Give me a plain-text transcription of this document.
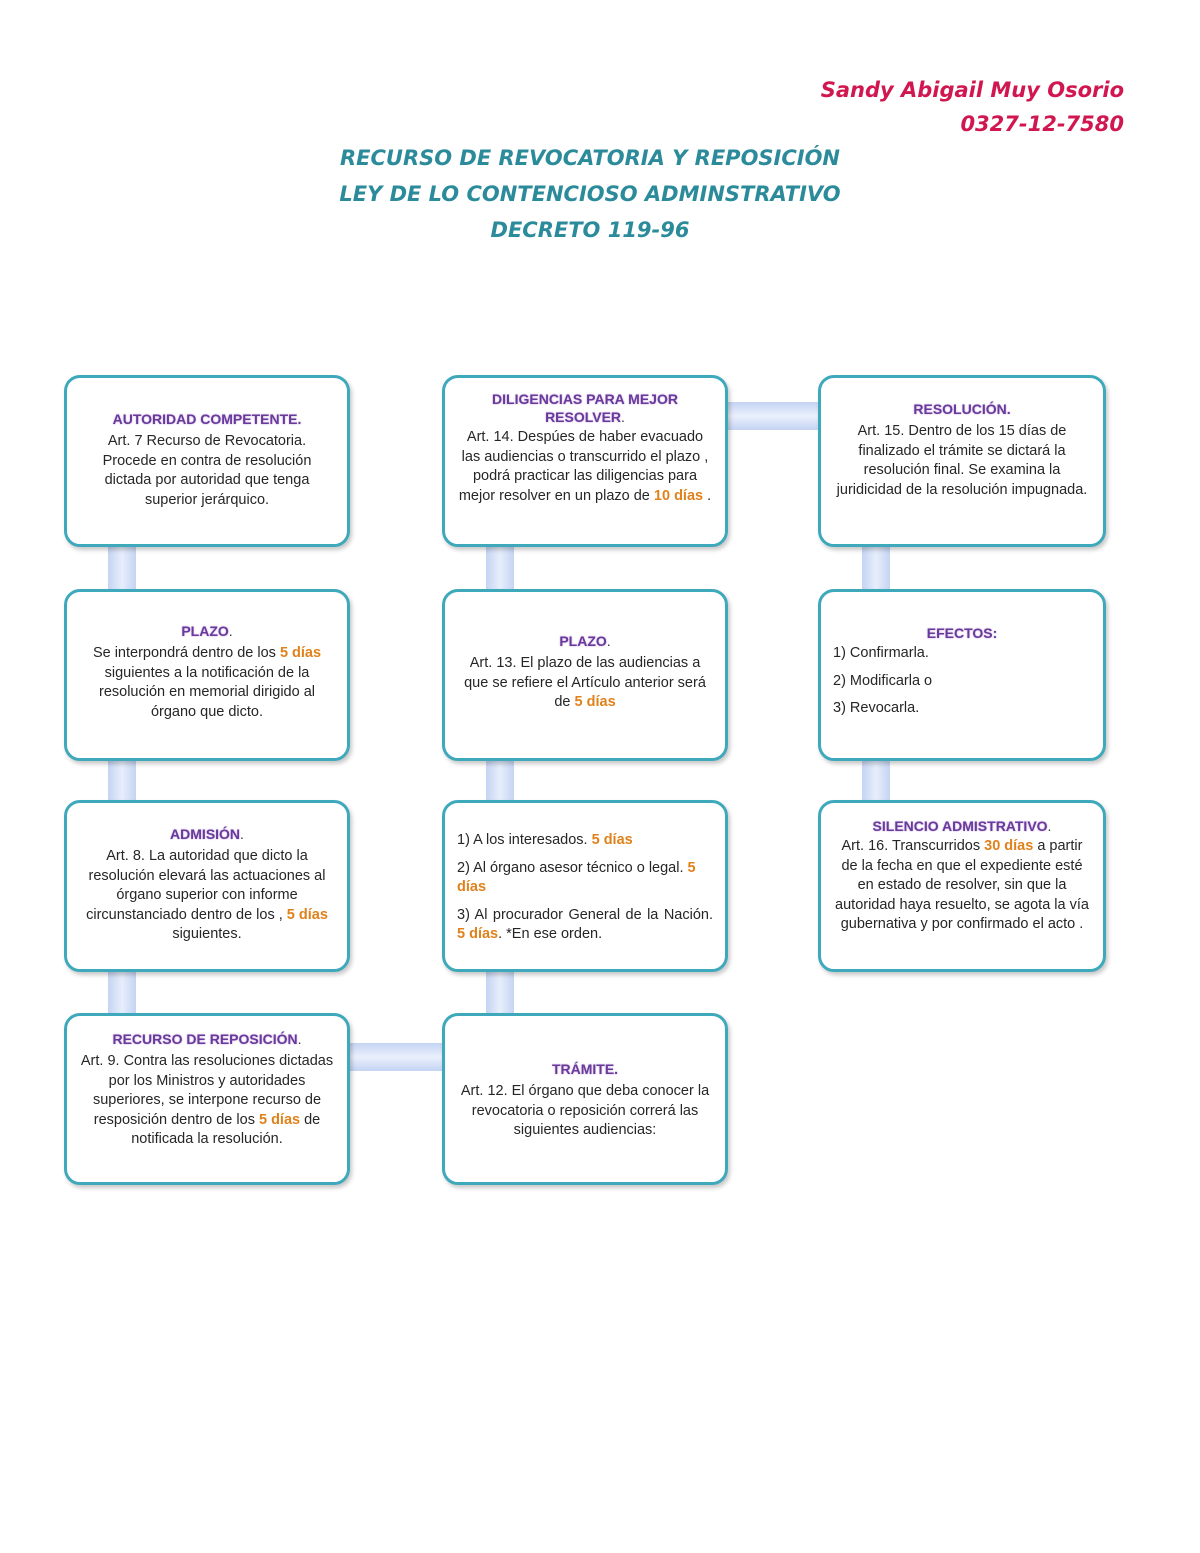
Sandy Abigail Muy Osorio
0327-12-7580
RECURSO DE REVOCATORIA Y REPOSICIÓN
LEY DE LO CONTENCIOSO ADMINSTRATIVO
DECRETO 119-96
AUTORIDAD COMPETENTE.
Art. 7 Recurso de Revocatoria. Procede en contra de resolución dictada por autoridad que tenga superior jerárquico.
PLAZO.
Se interpondrá dentro de los 5 días siguientes a la notificación de la resolución en memorial dirigido al órgano que dicto.
ADMISIÓN.
Art. 8. La autoridad que dicto la resolución elevará las actuaciones al órgano superior con informe circunstanciado dentro de los , 5 días siguientes.
RECURSO DE REPOSICIÓN.
Art. 9. Contra las resoluciones dictadas por los Ministros y autoridades superiores, se interpone recurso de resposición dentro de los 5 días de notificada la resolución.
DILIGENCIAS PARA MEJOR RESOLVER.
Art. 14. Despúes de haber evacuado las audiencias o transcurrido el plazo , podrá practicar las diligencias para mejor resolver en un plazo de 10 días .
PLAZO.
Art. 13. El plazo de las audiencias a que se refiere el Artículo anterior será de 5 días

1) A los interesados. 5 días

2) Al órgano asesor técnico o legal. 5 días

3) Al procurador General de la Nación. 5 días. *En ese orden.

TRÁMITE.
Art. 12. El órgano que deba conocer la revocatoria o reposición correrá las siguientes audiencias:
RESOLUCIÓN.
Art. 15. Dentro de los 15 días de finalizado el trámite se dictará la resolución final. Se examina la juridicidad de la resolución impugnada.
EFECTOS:

1) Confirmarla.

2) Modificarla o

3) Revocarla.

SILENCIO ADMISTRATIVO.
Art. 16. Transcurridos 30 días a partir de la fecha en que el expediente esté en estado de resolver, sin que la autoridad haya resuelto, se agota la vía gubernativa y por confirmado el acto .
